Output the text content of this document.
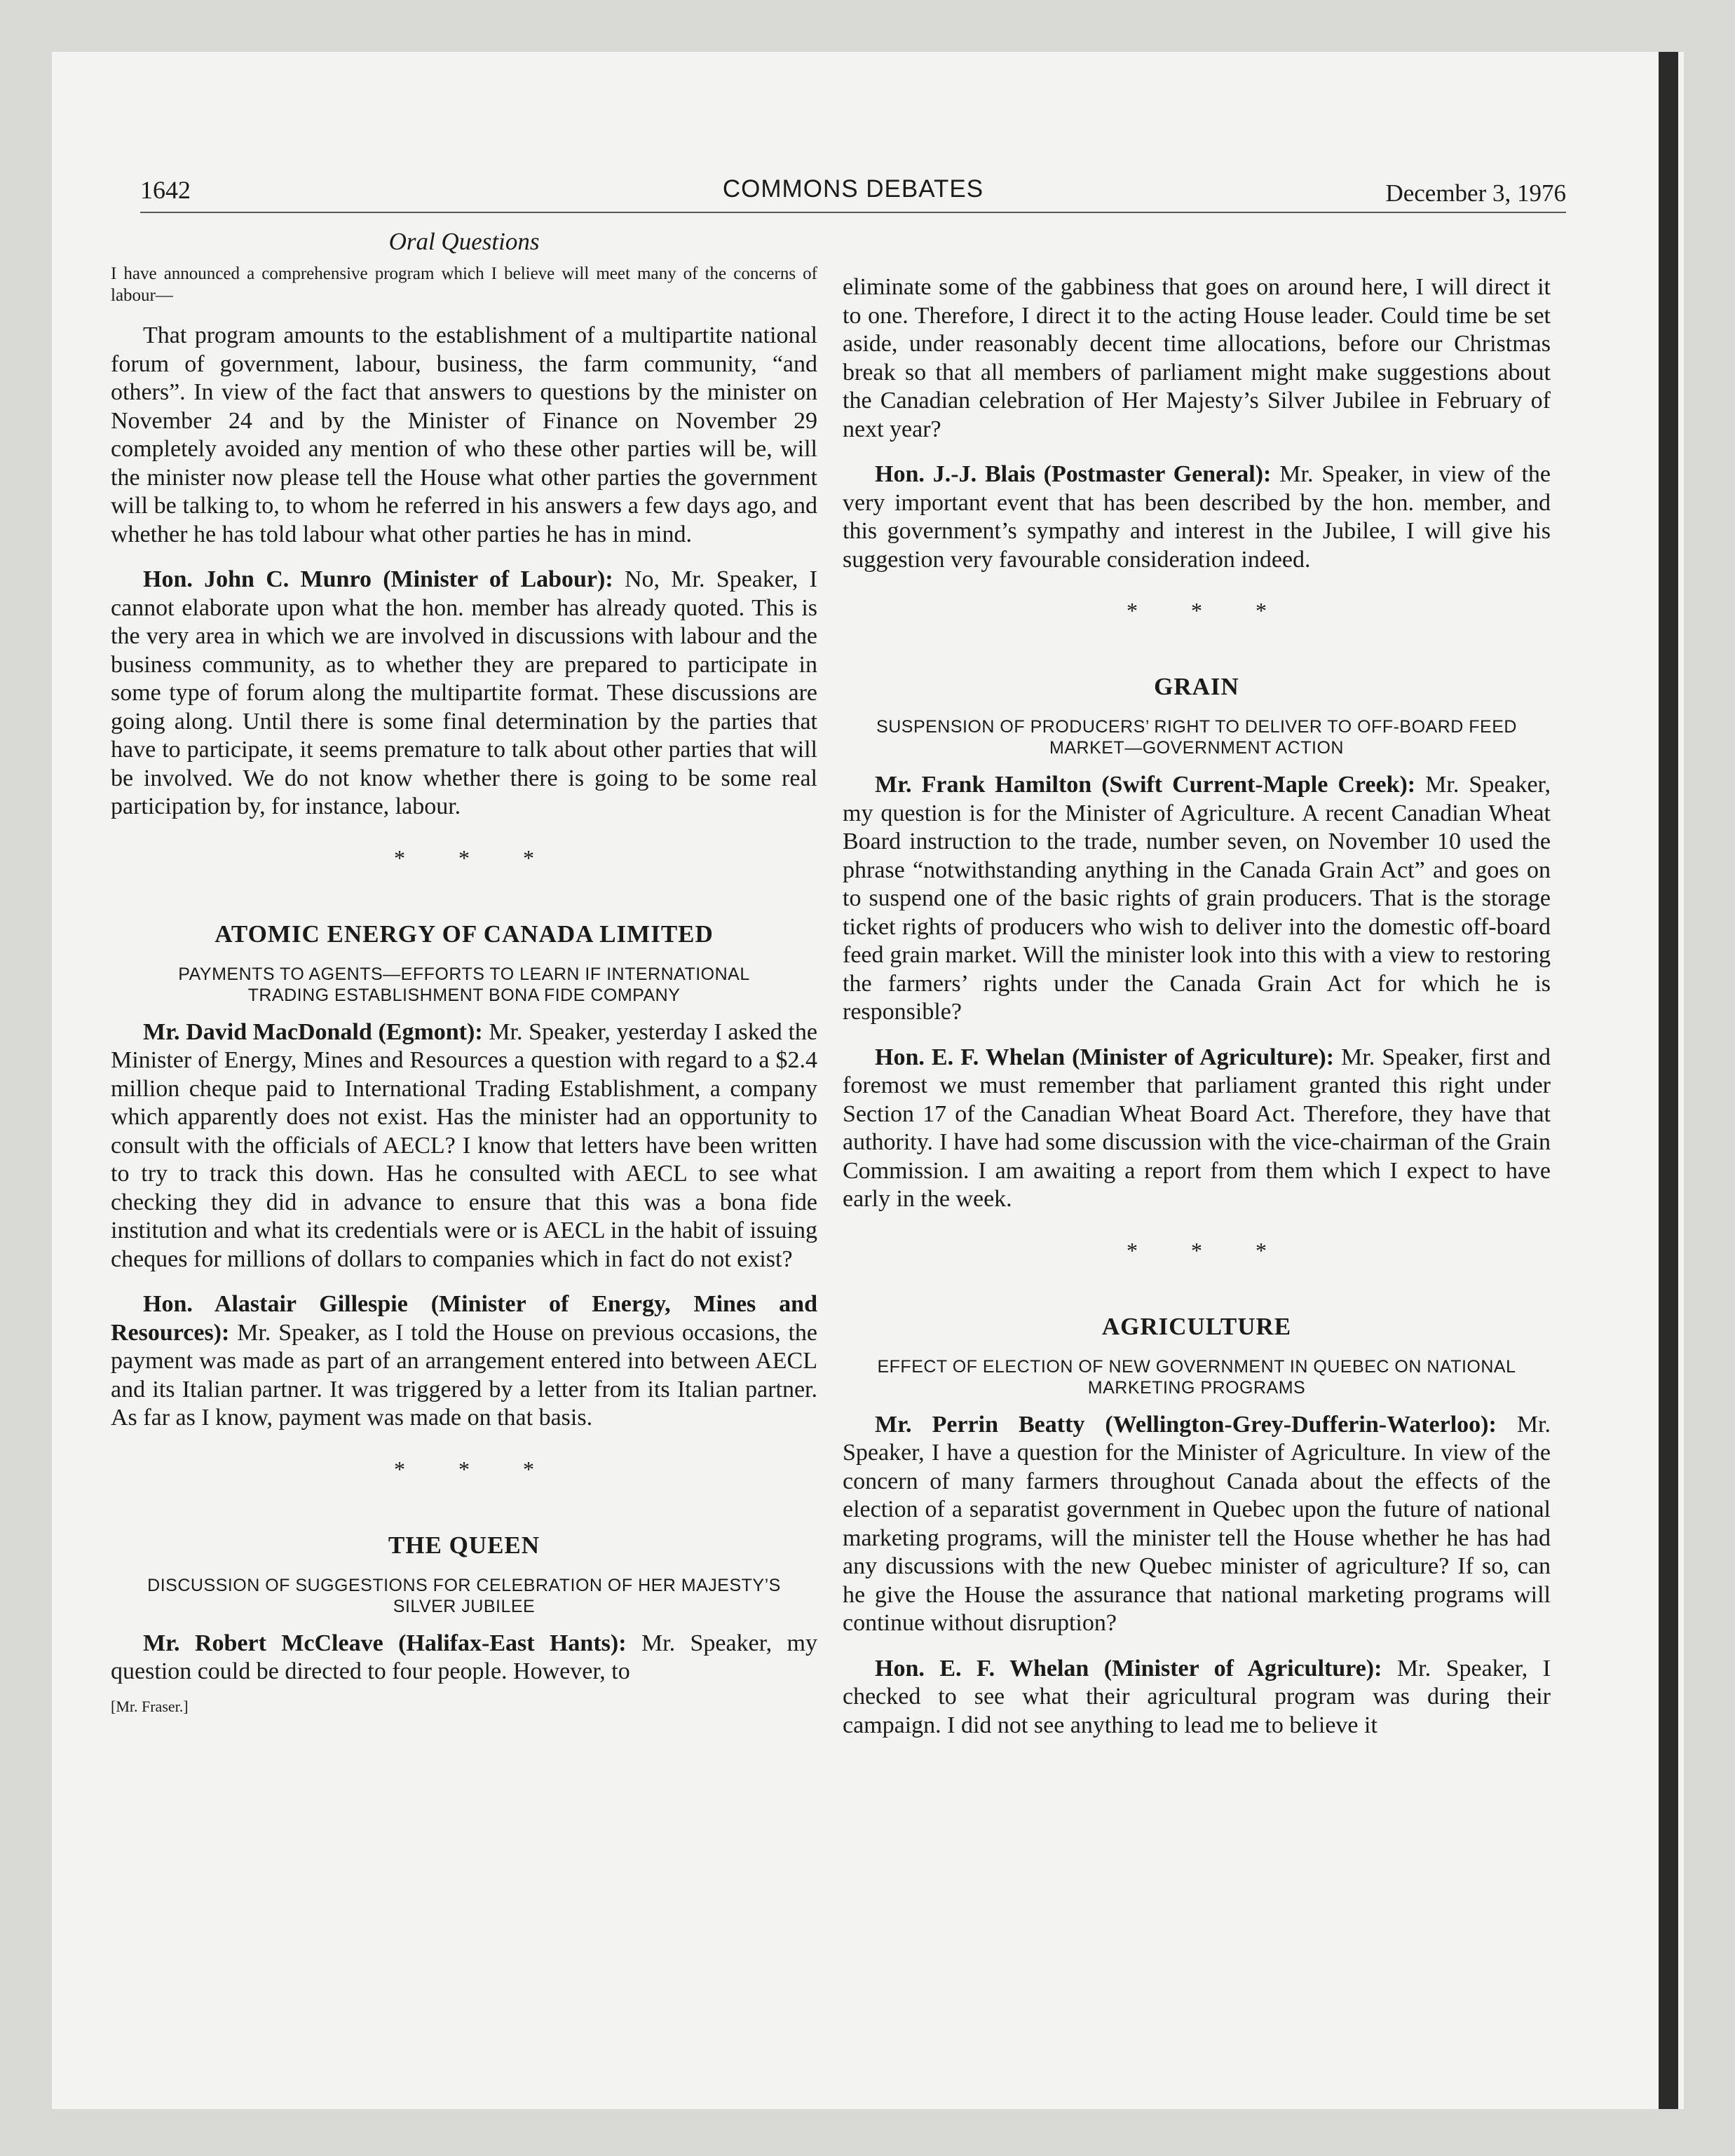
1642	COMMONS DEBATES	December 3, 1976
Oral Questions
I have announced a comprehensive program which I believe will meet many of the concerns of labour—

That program amounts to the establishment of a multipartite national forum of government, labour, business, the farm community, “and others”. In view of the fact that answers to questions by the minister on November 24 and by the Minister of Finance on November 29 completely avoided any mention of who these other parties will be, will the minister now please tell the House what other parties the government will be talking to, to whom he referred in his answers a few days ago, and whether he has told labour what other parties he has in mind.

Hon. John C. Munro (Minister of Labour): No, Mr. Speaker, I cannot elaborate upon what the hon. member has already quoted. This is the very area in which we are involved in discussions with labour and the business community, as to whether they are prepared to participate in some type of forum along the multipartite format. These discussions are going along. Until there is some final determination by the parties that have to participate, it seems premature to talk about other parties that will be involved. We do not know whether there is going to be some real participation by, for instance, labour.

* * *
ATOMIC ENERGY OF CANADA LIMITED
PAYMENTS TO AGENTS—EFFORTS TO LEARN IF INTERNATIONAL TRADING ESTABLISHMENT BONA FIDE COMPANY

Mr. David MacDonald (Egmont): Mr. Speaker, yesterday I asked the Minister of Energy, Mines and Resources a question with regard to a $2.4 million cheque paid to International Trading Establishment, a company which apparently does not exist. Has the minister had an opportunity to consult with the officials of AECL? I know that letters have been written to try to track this down. Has he consulted with AECL to see what checking they did in advance to ensure that this was a bona fide institution and what its credentials were or is AECL in the habit of issuing cheques for millions of dollars to companies which in fact do not exist?

Hon. Alastair Gillespie (Minister of Energy, Mines and Resources): Mr. Speaker, as I told the House on previous occasions, the payment was made as part of an arrangement entered into between AECL and its Italian partner. It was triggered by a letter from its Italian partner. As far as I know, payment was made on that basis.

* * *
THE QUEEN
DISCUSSION OF SUGGESTIONS FOR CELEBRATION OF HER MAJESTY’S SILVER JUBILEE

Mr. Robert McCleave (Halifax-East Hants): Mr. Speaker, my question could be directed to four people. However, to

[Mr. Fraser.]

eliminate some of the gabbiness that goes on around here, I will direct it to one. Therefore, I direct it to the acting House leader. Could time be set aside, under reasonably decent time allocations, before our Christmas break so that all members of parliament might make suggestions about the Canadian celebration of Her Majesty’s Silver Jubilee in February of next year?

Hon. J.-J. Blais (Postmaster General): Mr. Speaker, in view of the very important event that has been described by the hon. member, and this government’s sympathy and interest in the Jubilee, I will give his suggestion very favourable consideration indeed.

* * *
GRAIN
SUSPENSION OF PRODUCERS’ RIGHT TO DELIVER TO OFF-BOARD FEED MARKET—GOVERNMENT ACTION

Mr. Frank Hamilton (Swift Current-Maple Creek): Mr. Speaker, my question is for the Minister of Agriculture. A recent Canadian Wheat Board instruction to the trade, number seven, on November 10 used the phrase “notwithstanding anything in the Canada Grain Act” and goes on to suspend one of the basic rights of grain producers. That is the storage ticket rights of producers who wish to deliver into the domestic off-board feed grain market. Will the minister look into this with a view to restoring the farmers’ rights under the Canada Grain Act for which he is responsible?

Hon. E. F. Whelan (Minister of Agriculture): Mr. Speaker, first and foremost we must remember that parliament granted this right under Section 17 of the Canadian Wheat Board Act. Therefore, they have that authority. I have had some discussion with the vice-chairman of the Grain Commission. I am awaiting a report from them which I expect to have early in the week.

* * *
AGRICULTURE
EFFECT OF ELECTION OF NEW GOVERNMENT IN QUEBEC ON NATIONAL MARKETING PROGRAMS

Mr. Perrin Beatty (Wellington-Grey-Dufferin-Waterloo): Mr. Speaker, I have a question for the Minister of Agriculture. In view of the concern of many farmers throughout Canada about the effects of the election of a separatist government in Quebec upon the future of national marketing programs, will the minister tell the House whether he has had any discussions with the new Quebec minister of agriculture? If so, can he give the House the assurance that national marketing programs will continue without disruption?

Hon. E. F. Whelan (Minister of Agriculture): Mr. Speaker, I checked to see what their agricultural program was during their campaign. I did not see anything to lead me to believe it
